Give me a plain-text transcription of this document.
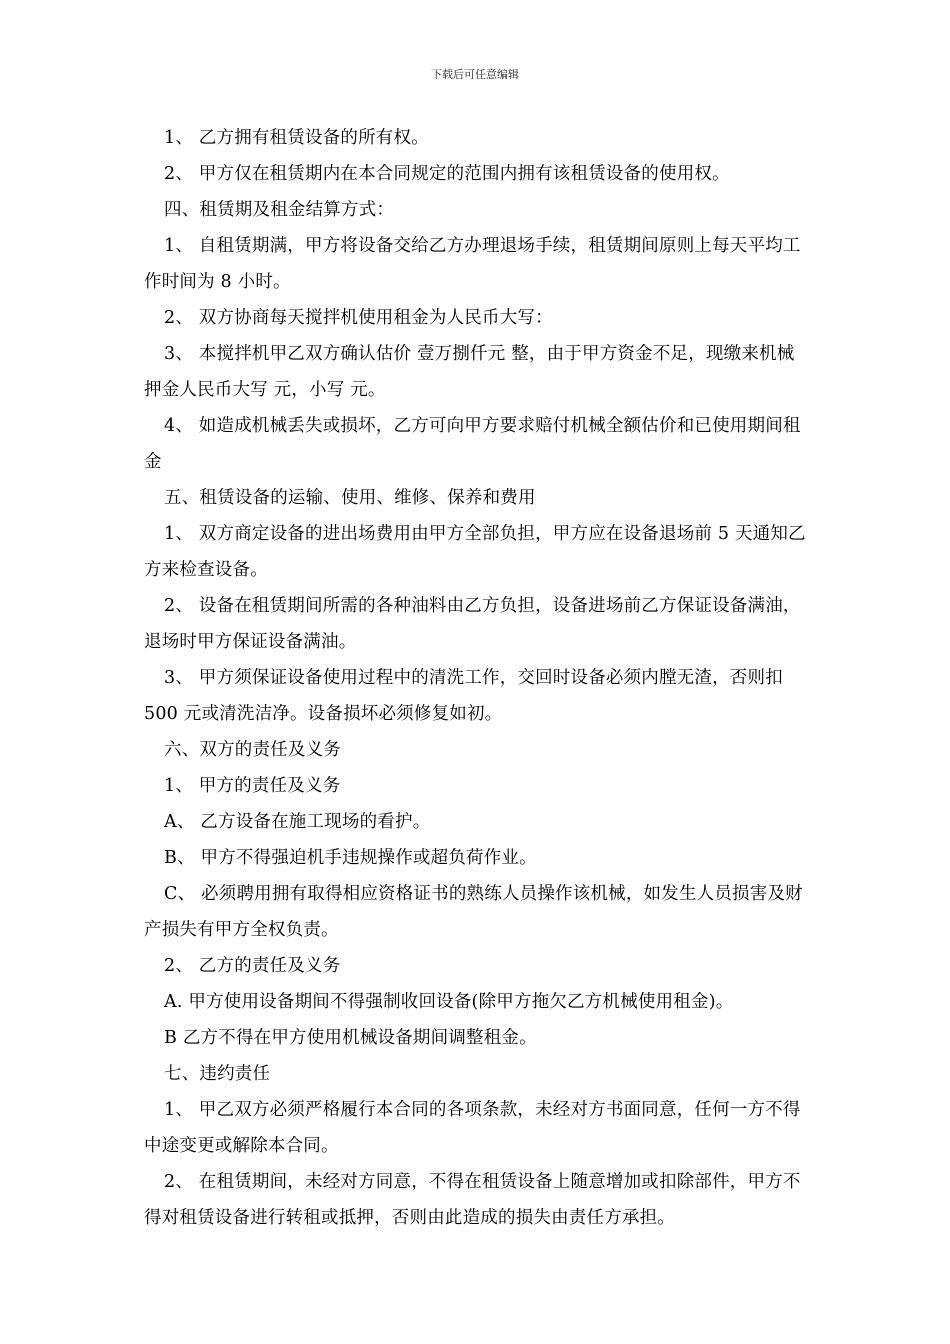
下载后可任意编辑

1、 乙方拥有租赁设备的所有权。

2、 甲方仅在租赁期内在本合同规定的范围内拥有该租赁设备的使用权。

四、租赁期及租金结算方式：

1、 自租赁期满，甲方将设备交给乙方办理退场手续，租赁期间原则上每天平均工作时间为 8 小时。

2、 双方协商每天搅拌机使用租金为人民币大写：

3、 本搅拌机甲乙双方确认估价 壹万捌仟元 整，由于甲方资金不足，现缴来机械押金人民币大写 元，小写 元。

4、 如造成机械丢失或损坏，乙方可向甲方要求赔付机械全额估价和已使用期间租金

五、租赁设备的运输、使用、维修、保养和费用

1、 双方商定设备的进出场费用由甲方全部负担，甲方应在设备退场前 5 天通知乙方来检查设备。

2、 设备在租赁期间所需的各种油料由乙方负担，设备进场前乙方保证设备满油，退场时甲方保证设备满油。

3、 甲方须保证设备使用过程中的清洗工作，交回时设备必须内膛无渣，否则扣 500 元或清洗洁净。设备损坏必须修复如初。

六、双方的责任及义务

1、 甲方的责任及义务

A、 乙方设备在施工现场的看护。

B、 甲方不得强迫机手违规操作或超负荷作业。

C、 必须聘用拥有取得相应资格证书的熟练人员操作该机械，如发生人员损害及财产损失有甲方全权负责。

2、 乙方的责任及义务

A. 甲方使用设备期间不得强制收回设备(除甲方拖欠乙方机械使用租金)。

B 乙方不得在甲方使用机械设备期间调整租金。

七、违约责任

1、 甲乙双方必须严格履行本合同的各项条款，未经对方书面同意，任何一方不得中途变更或解除本合同。

2、 在租赁期间，未经对方同意，不得在租赁设备上随意增加或扣除部件，甲方不得对租赁设备进行转租或抵押，否则由此造成的损失由责任方承担。
